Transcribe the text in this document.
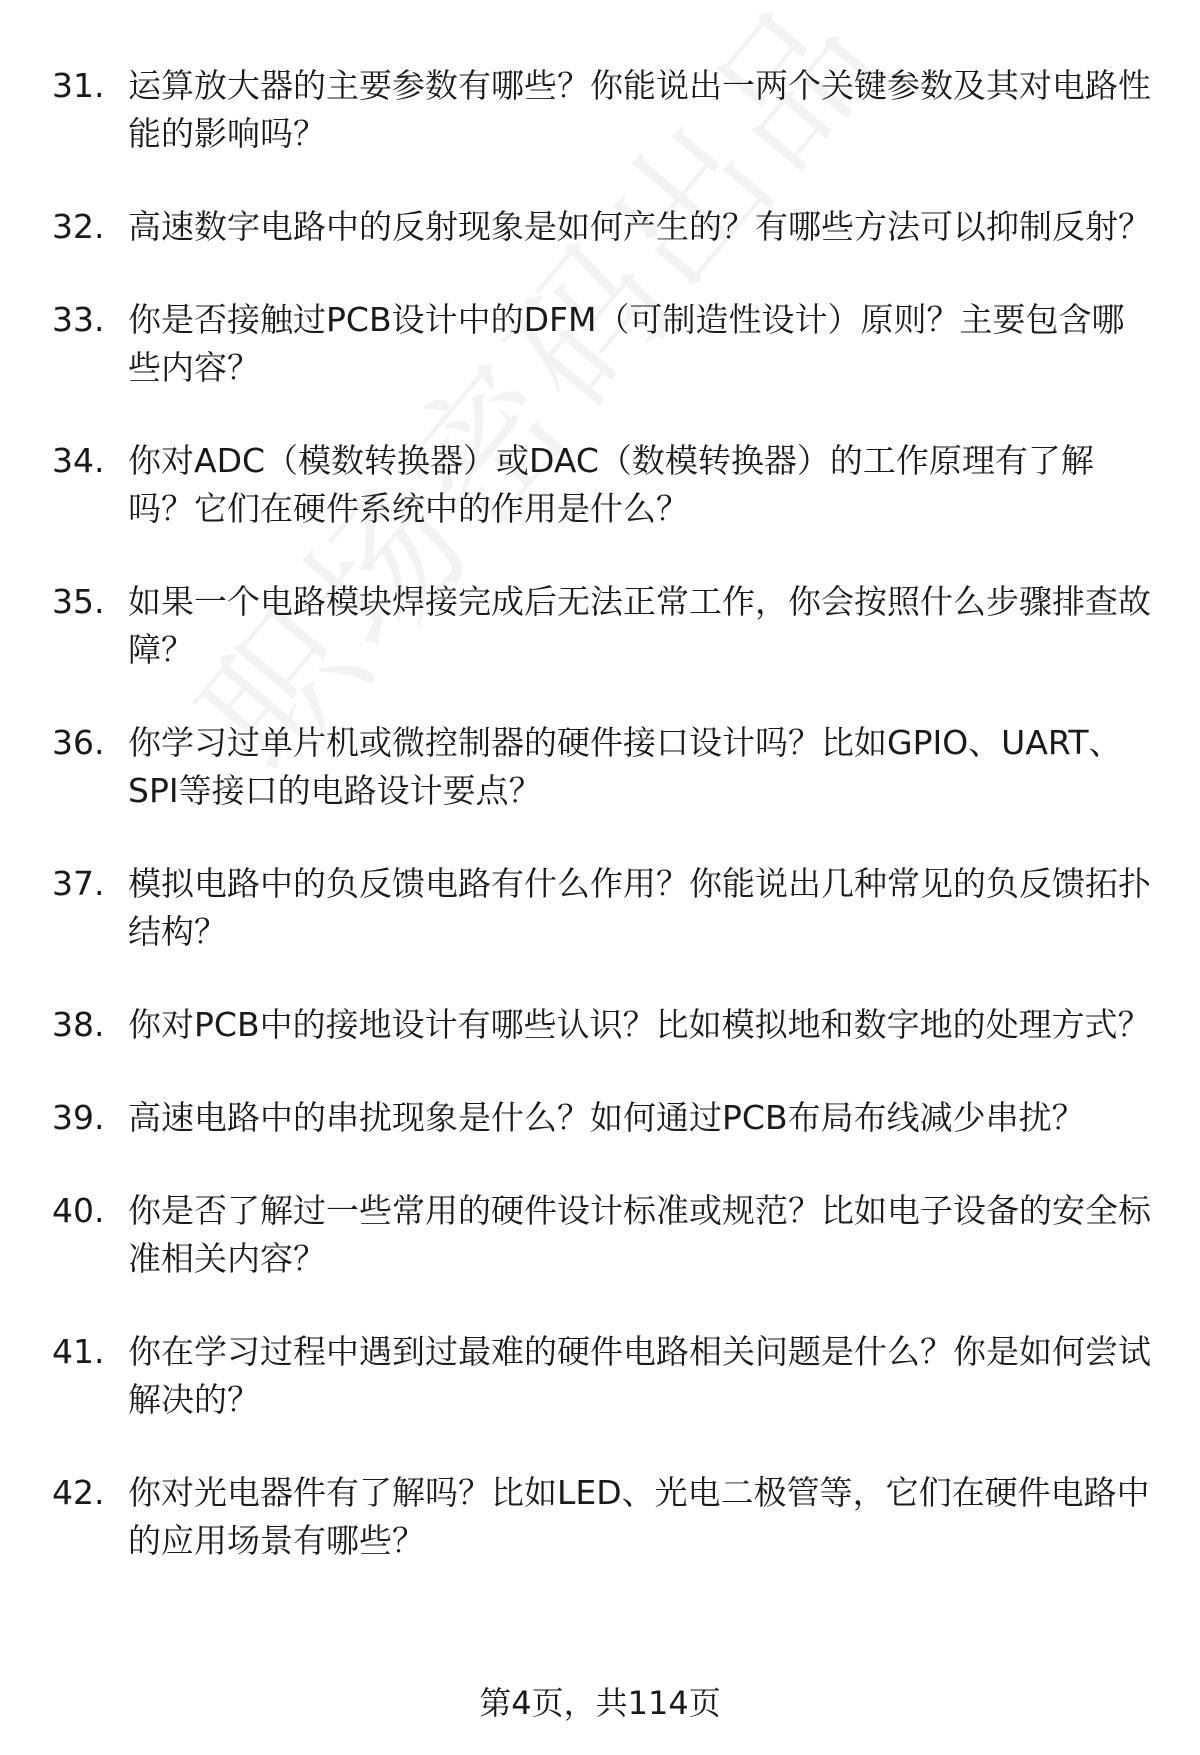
31. 运算放大器的主要参数有哪些？你能说出一两个关键参数及其对电路性能的影响吗？
32. 高速数字电路中的反射现象是如何产生的？有哪些方法可以抑制反射？
33. 你是否接触过PCB设计中的DFM（可制造性设计）原则？主要包含哪些内容？
34. 你对ADC（模数转换器）或DAC（数模转换器）的工作原理有了解吗？它们在硬件系统中的作用是什么？
35. 如果一个电路模块焊接完成后无法正常工作，你会按照什么步骤排查故障？
36. 你学习过单片机或微控制器的硬件接口设计吗？比如GPIO、UART、SPI等接口的电路设计要点？
37. 模拟电路中的负反馈电路有什么作用？你能说出几种常见的负反馈拓扑结构？
38. 你对PCB中的接地设计有哪些认识？比如模拟地和数字地的处理方式？
39. 高速电路中的串扰现象是什么？如何通过PCB布局布线减少串扰？
40. 你是否了解过一些常用的硬件设计标准或规范？比如电子设备的安全标准相关内容？
41. 你在学习过程中遇到过最难的硬件电路相关问题是什么？你是如何尝试解决的？
42. 你对光电器件有了解吗？比如LED、光电二极管等，它们在硬件电路中的应用场景有哪些？
第4页，共114页
